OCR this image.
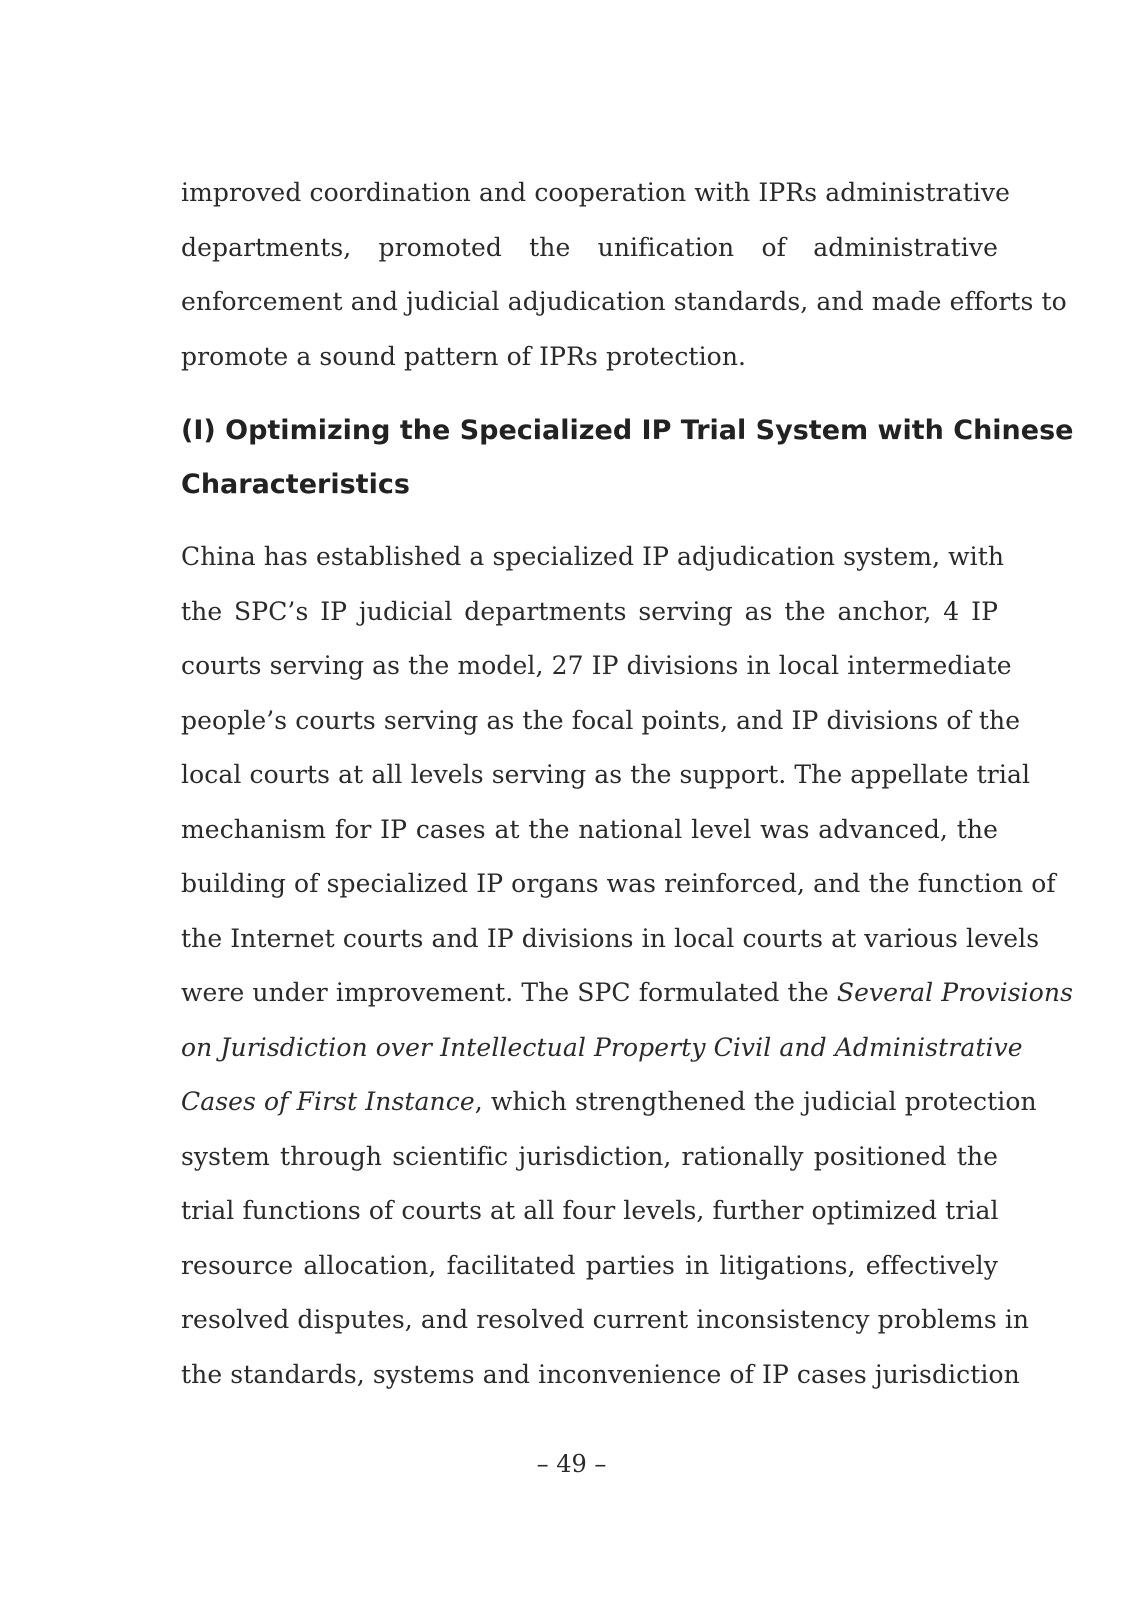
improved coordination and cooperation with IPRs administrative
departments, promoted the unification of administrative
enforcement and judicial adjudication standards, and made efforts to
promote a sound pattern of IPRs protection.
(I) Optimizing the Specialized IP Trial System with Chinese
Characteristics
China has established a specialized IP adjudication system, with
the SPC’s IP judicial departments serving as the anchor, 4 IP
courts serving as the model, 27 IP divisions in local intermediate
people’s courts serving as the focal points, and IP divisions of the
local courts at all levels serving as the support. The appellate trial
mechanism for IP cases at the national level was advanced, the
building of specialized IP organs was reinforced, and the function of
the Internet courts and IP divisions in local courts at various levels
were under improvement. The SPC formulated the Several Provisions
on Jurisdiction over Intellectual Property Civil and Administrative
Cases of First Instance, which strengthened the judicial protection
system through scientific jurisdiction, rationally positioned the
trial functions of courts at all four levels, further optimized trial
resource allocation, facilitated parties in litigations, effectively
resolved disputes, and resolved current inconsistency problems in
the standards, systems and inconvenience of IP cases jurisdiction
– 49 –
